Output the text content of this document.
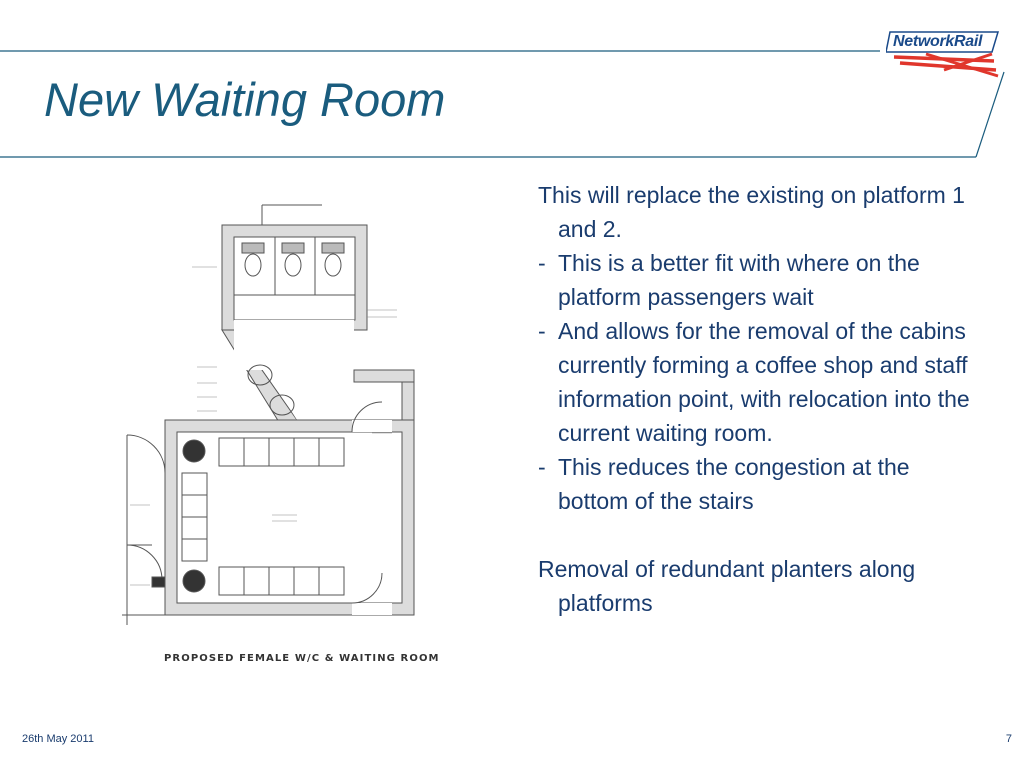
New Waiting Room
NetworkRail
PROPOSED FEMALE W/C & WAITING ROOM

This will replace the existing on platform 1 and 2.

- This is a better fit with where on the platform passengers wait
- And allows for the removal of the cabins currently forming a coffee shop and staff information point, with relocation into the current waiting room.
- This reduces the congestion at the bottom of the stairs

Removal of redundant planters along platforms

26th May 2011	7
